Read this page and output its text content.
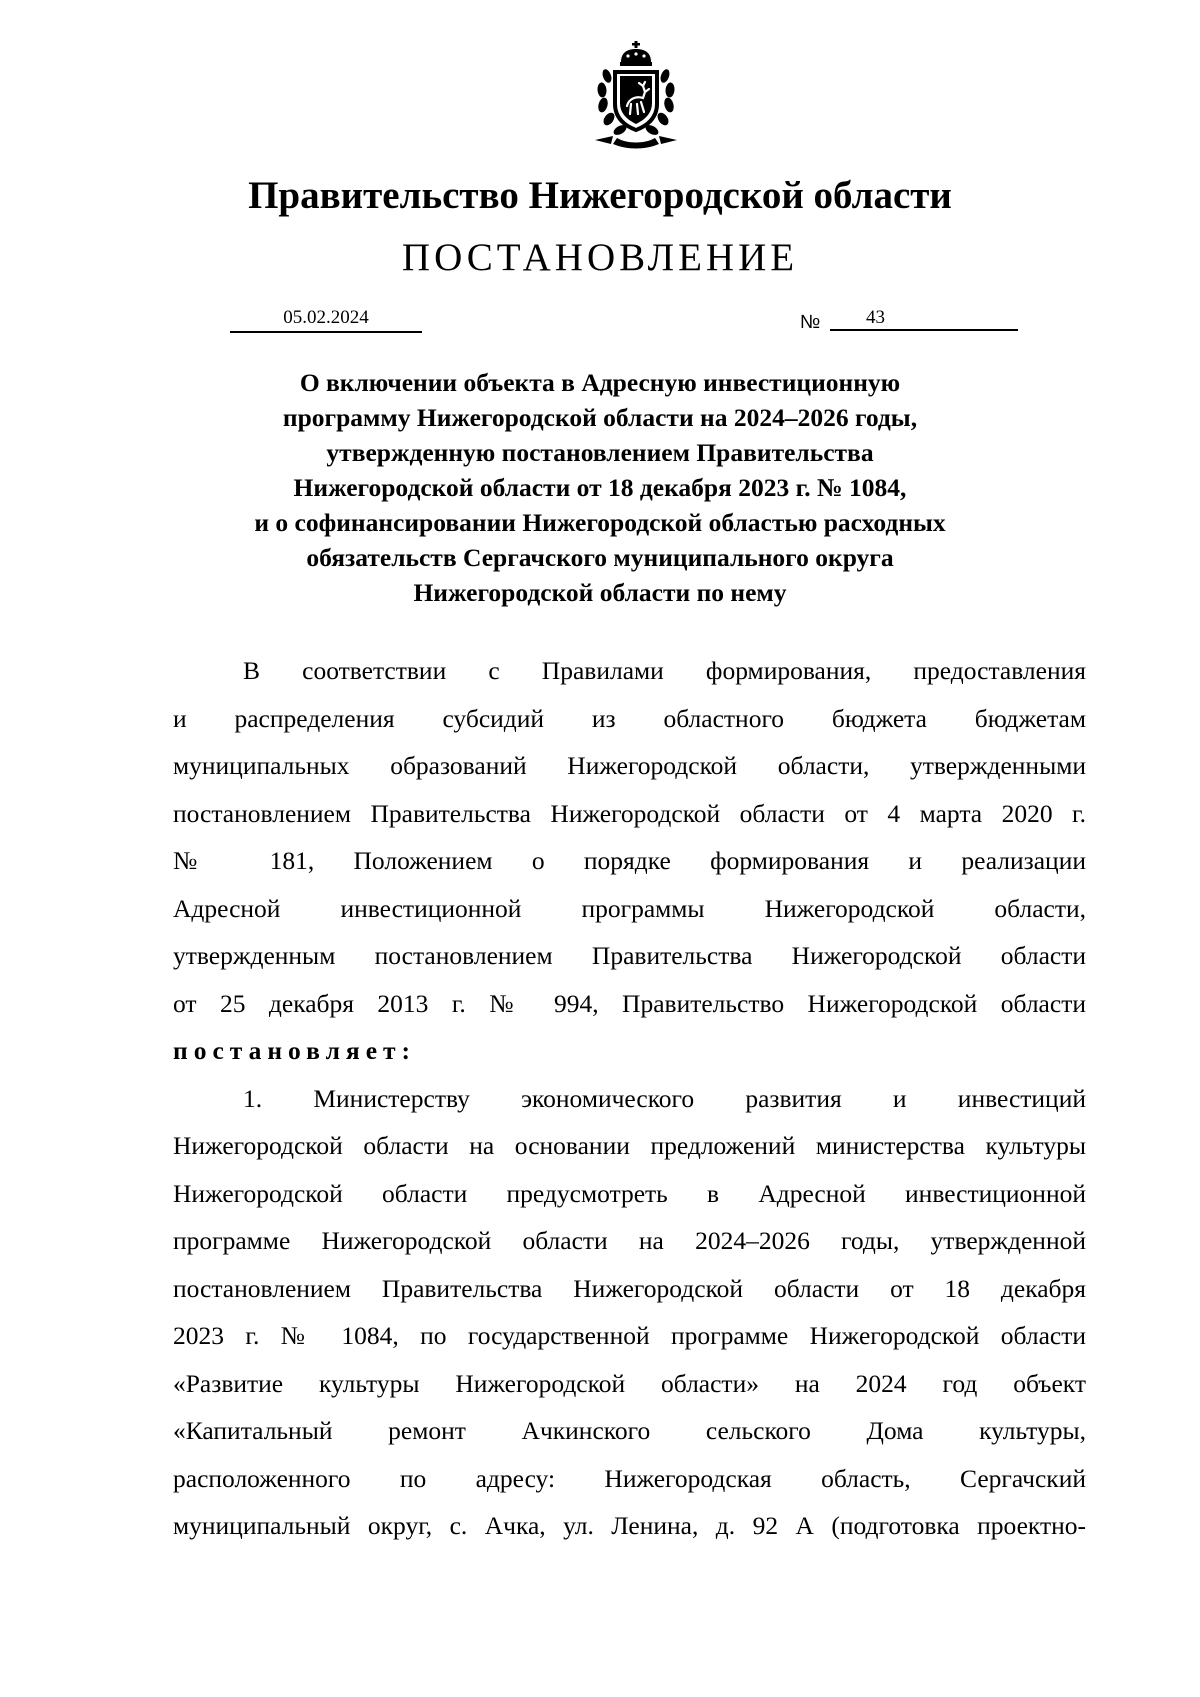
Правительство Нижегородской области
ПОСТАНОВЛЕНИЕ
05.02.2024	№	43
О включении объекта в Адресную инвестиционную
программу Нижегородской области на 2024–2026 годы,
утвержденную постановлением Правительства
Нижегородской области от 18 декабря 2023 г. № 1084,
и о софинансировании Нижегородской областью расходных
обязательств Сергачского муниципального округа
Нижегородской области по нему
В соответствии с Правилами формирования, предоставления
и распределения субсидий из областного бюджета бюджетам
муниципальных образований Нижегородской области, утвержденными
постановлением Правительства Нижегородской области от 4 марта 2020 г.
№ 181, Положением о порядке формирования и реализации
Адресной инвестиционной программы Нижегородской области,
утвержденным постановлением Правительства Нижегородской области
от 25 декабря 2013 г. № 994, Правительство Нижегородской области
постановляет:
1. Министерству экономического развития и инвестиций
Нижегородской области на основании предложений министерства культуры
Нижегородской области предусмотреть в Адресной инвестиционной
программе Нижегородской области на 2024–2026 годы, утвержденной
постановлением Правительства Нижегородской области от 18 декабря
2023 г. № 1084, по государственной программе Нижегородской области
«Развитие культуры Нижегородской области» на 2024 год объект
«Капитальный ремонт Ачкинского сельского Дома культуры,
расположенного по адресу: Нижегородская область, Сергачский
муниципальный округ, с. Ачка, ул. Ленина, д. 92 А (подготовка проектно-
